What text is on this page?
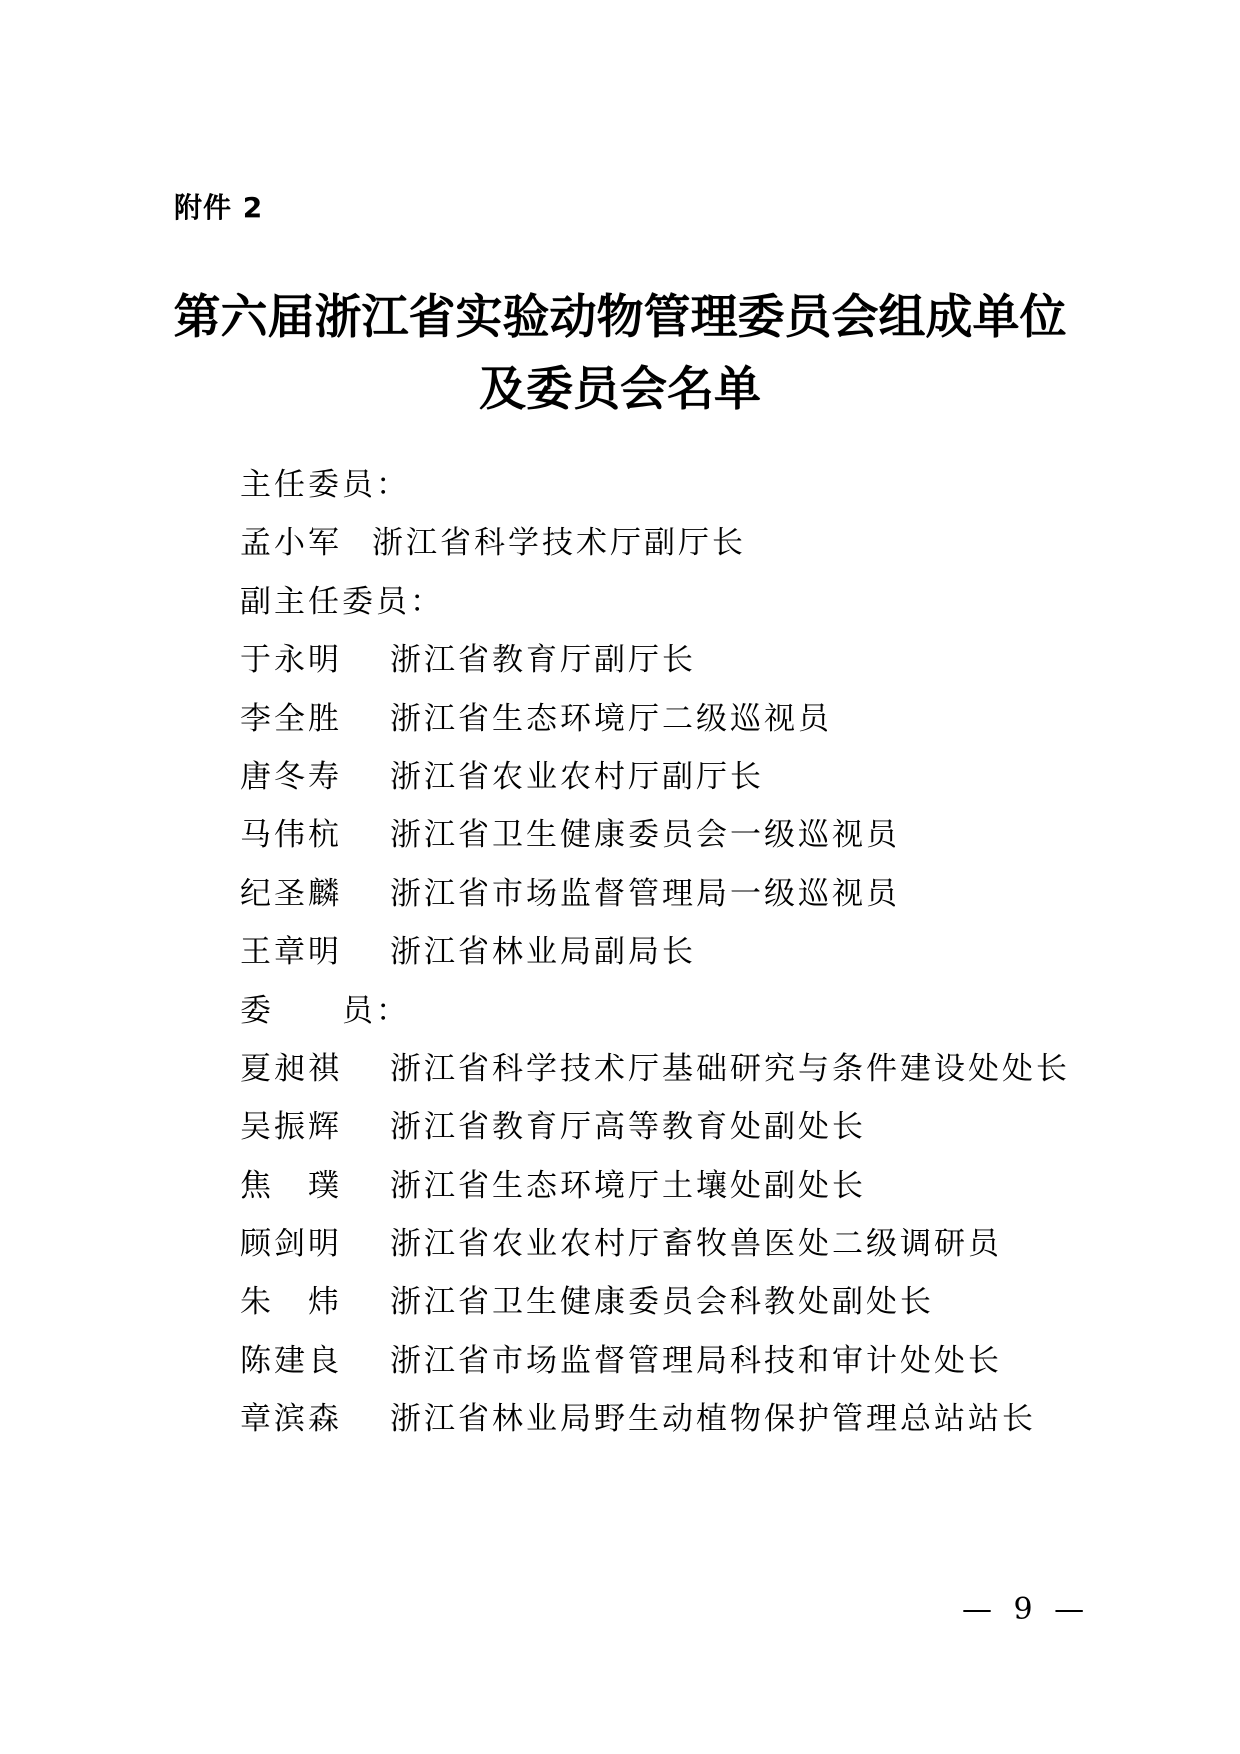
附件 2
第六届浙江省实验动物管理委员会组成单位
及委员会名单
主任委员：
孟小军 浙江省科学技术厅副厅长
副主任委员：
于永明 浙江省教育厅副厅长
李全胜 浙江省生态环境厅二级巡视员
唐冬寿 浙江省农业农村厅副厅长
马伟杭 浙江省卫生健康委员会一级巡视员
纪圣麟 浙江省市场监督管理局一级巡视员
王章明 浙江省林业局副局长
委　　员：
夏昶祺 浙江省科学技术厅基础研究与条件建设处处长
吴振辉 浙江省教育厅高等教育处副处长
焦　璞 浙江省生态环境厅土壤处副处长
顾剑明 浙江省农业农村厅畜牧兽医处二级调研员
朱　炜 浙江省卫生健康委员会科教处副处长
陈建良 浙江省市场监督管理局科技和审计处处长
章滨森 浙江省林业局野生动植物保护管理总站站长
— 9 —
